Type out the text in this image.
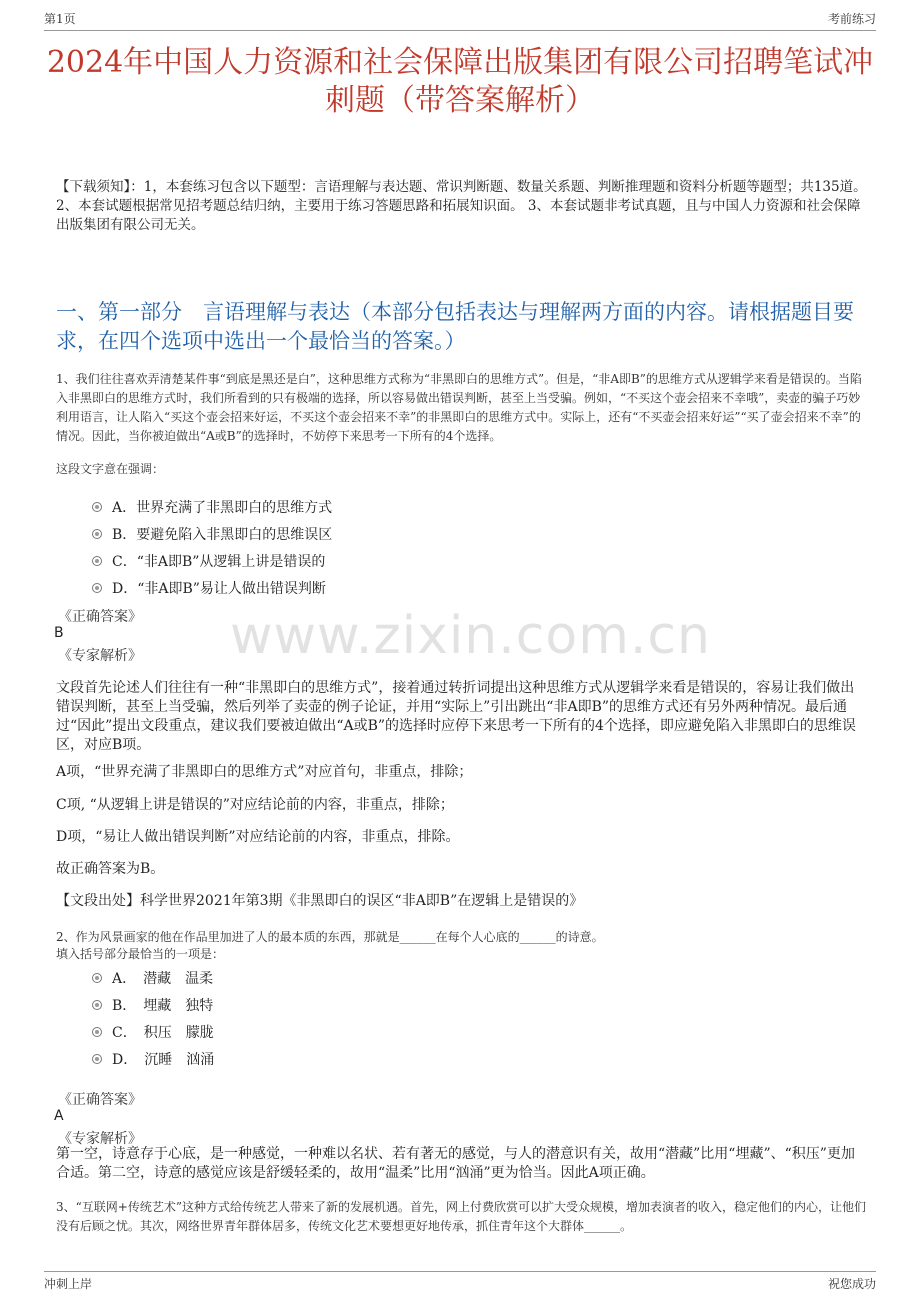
第1页	考前练习
2024年中国人力资源和社会保障出版集团有限公司招聘笔试冲刺题（带答案解析）
【下载须知】：1，本套练习包含以下题型：言语理解与表达题、常识判断题、数量关系题、判断推理题和资料分析题等题型；共135道。 2、本套试题根据常见招考题总结归纳，主要用于练习答题思路和拓展知识面。 3、本套试题非考试真题，且与中国人力资源和社会保障出版集团有限公司无关。
一、第一部分　言语理解与表达（本部分包括表达与理解两方面的内容。请根据题目要求，在四个选项中选出一个最恰当的答案。）
1、我们往往喜欢弄清楚某件事“到底是黑还是白”，这种思维方式称为“非黑即白的思维方式”。但是，“非A即B”的思维方式从逻辑学来看是错误的。当陷入非黑即白的思维方式时，我们所看到的只有极端的选择，所以容易做出错误判断，甚至上当受骗。例如，“不买这个壶会招来不幸哦”，卖壶的骗子巧妙利用语言，让人陷入“买这个壶会招来好运，不买这个壶会招来不幸”的非黑即白的思维方式中。实际上，还有“不买壶会招来好运”“买了壶会招来不幸”的情况。因此，当你被迫做出“A或B”的选择时，不妨停下来思考一下所有的4个选择。
这段文字意在强调：
A．世界充满了非黑即白的思维方式
B．要避免陷入非黑即白的思维误区
C．“非A即B”从逻辑上讲是错误的
D．“非A即B”易让人做出错误判断
www.zixin.com.cn
《正确答案》
B
《专家解析》
文段首先论述人们往往有一种“非黑即白的思维方式”，接着通过转折词提出这种思维方式从逻辑学来看是错误的，容易让我们做出错误判断，甚至上当受骗，然后列举了卖壶的例子论证，并用“实际上”引出跳出“非A即B”的思维方式还有另外两种情况。最后通过“因此”提出文段重点，建议我们要被迫做出“A或B”的选择时应停下来思考一下所有的4个选择，即应避免陷入非黑即白的思维误区，对应B项。
A项，“世界充满了非黑即白的思维方式”对应首句，非重点，排除；
C项, “从逻辑上讲是错误的”对应结论前的内容，非重点，排除；
D项，“易让人做出错误判断”对应结论前的内容，非重点，排除。
故正确答案为B。
【文段出处】科学世界2021年第3期《非黑即白的误区“非A即B”在逻辑上是错误的》
2、作为风景画家的他在作品里加进了人的最本质的东西，那就是______在每个人心底的______的诗意。
填入括号部分最恰当的一项是：
A．　潜藏　温柔
B．　埋藏　独特
C．　积压　朦胧
D．　沉睡　汹涌
《正确答案》
A
《专家解析》
第一空，诗意存于心底，是一种感觉，一种难以名状、若有著无的感觉，与人的潜意识有关，故用“潜藏”比用“埋藏”、“积压”更加合适。第二空，诗意的感觉应该是舒缓轻柔的，故用“温柔”比用“汹涌”更为恰当。因此A项正确。
3、“互联网+传统艺术”这种方式给传统艺人带来了新的发展机遇。首先，网上付费欣赏可以扩大受众规模，增加表演者的收入，稳定他们的内心，让他们没有后顾之忧。其次，网络世界青年群体居多，传统文化艺术要想更好地传承，抓住青年这个大群体______。
冲刺上岸	祝您成功
